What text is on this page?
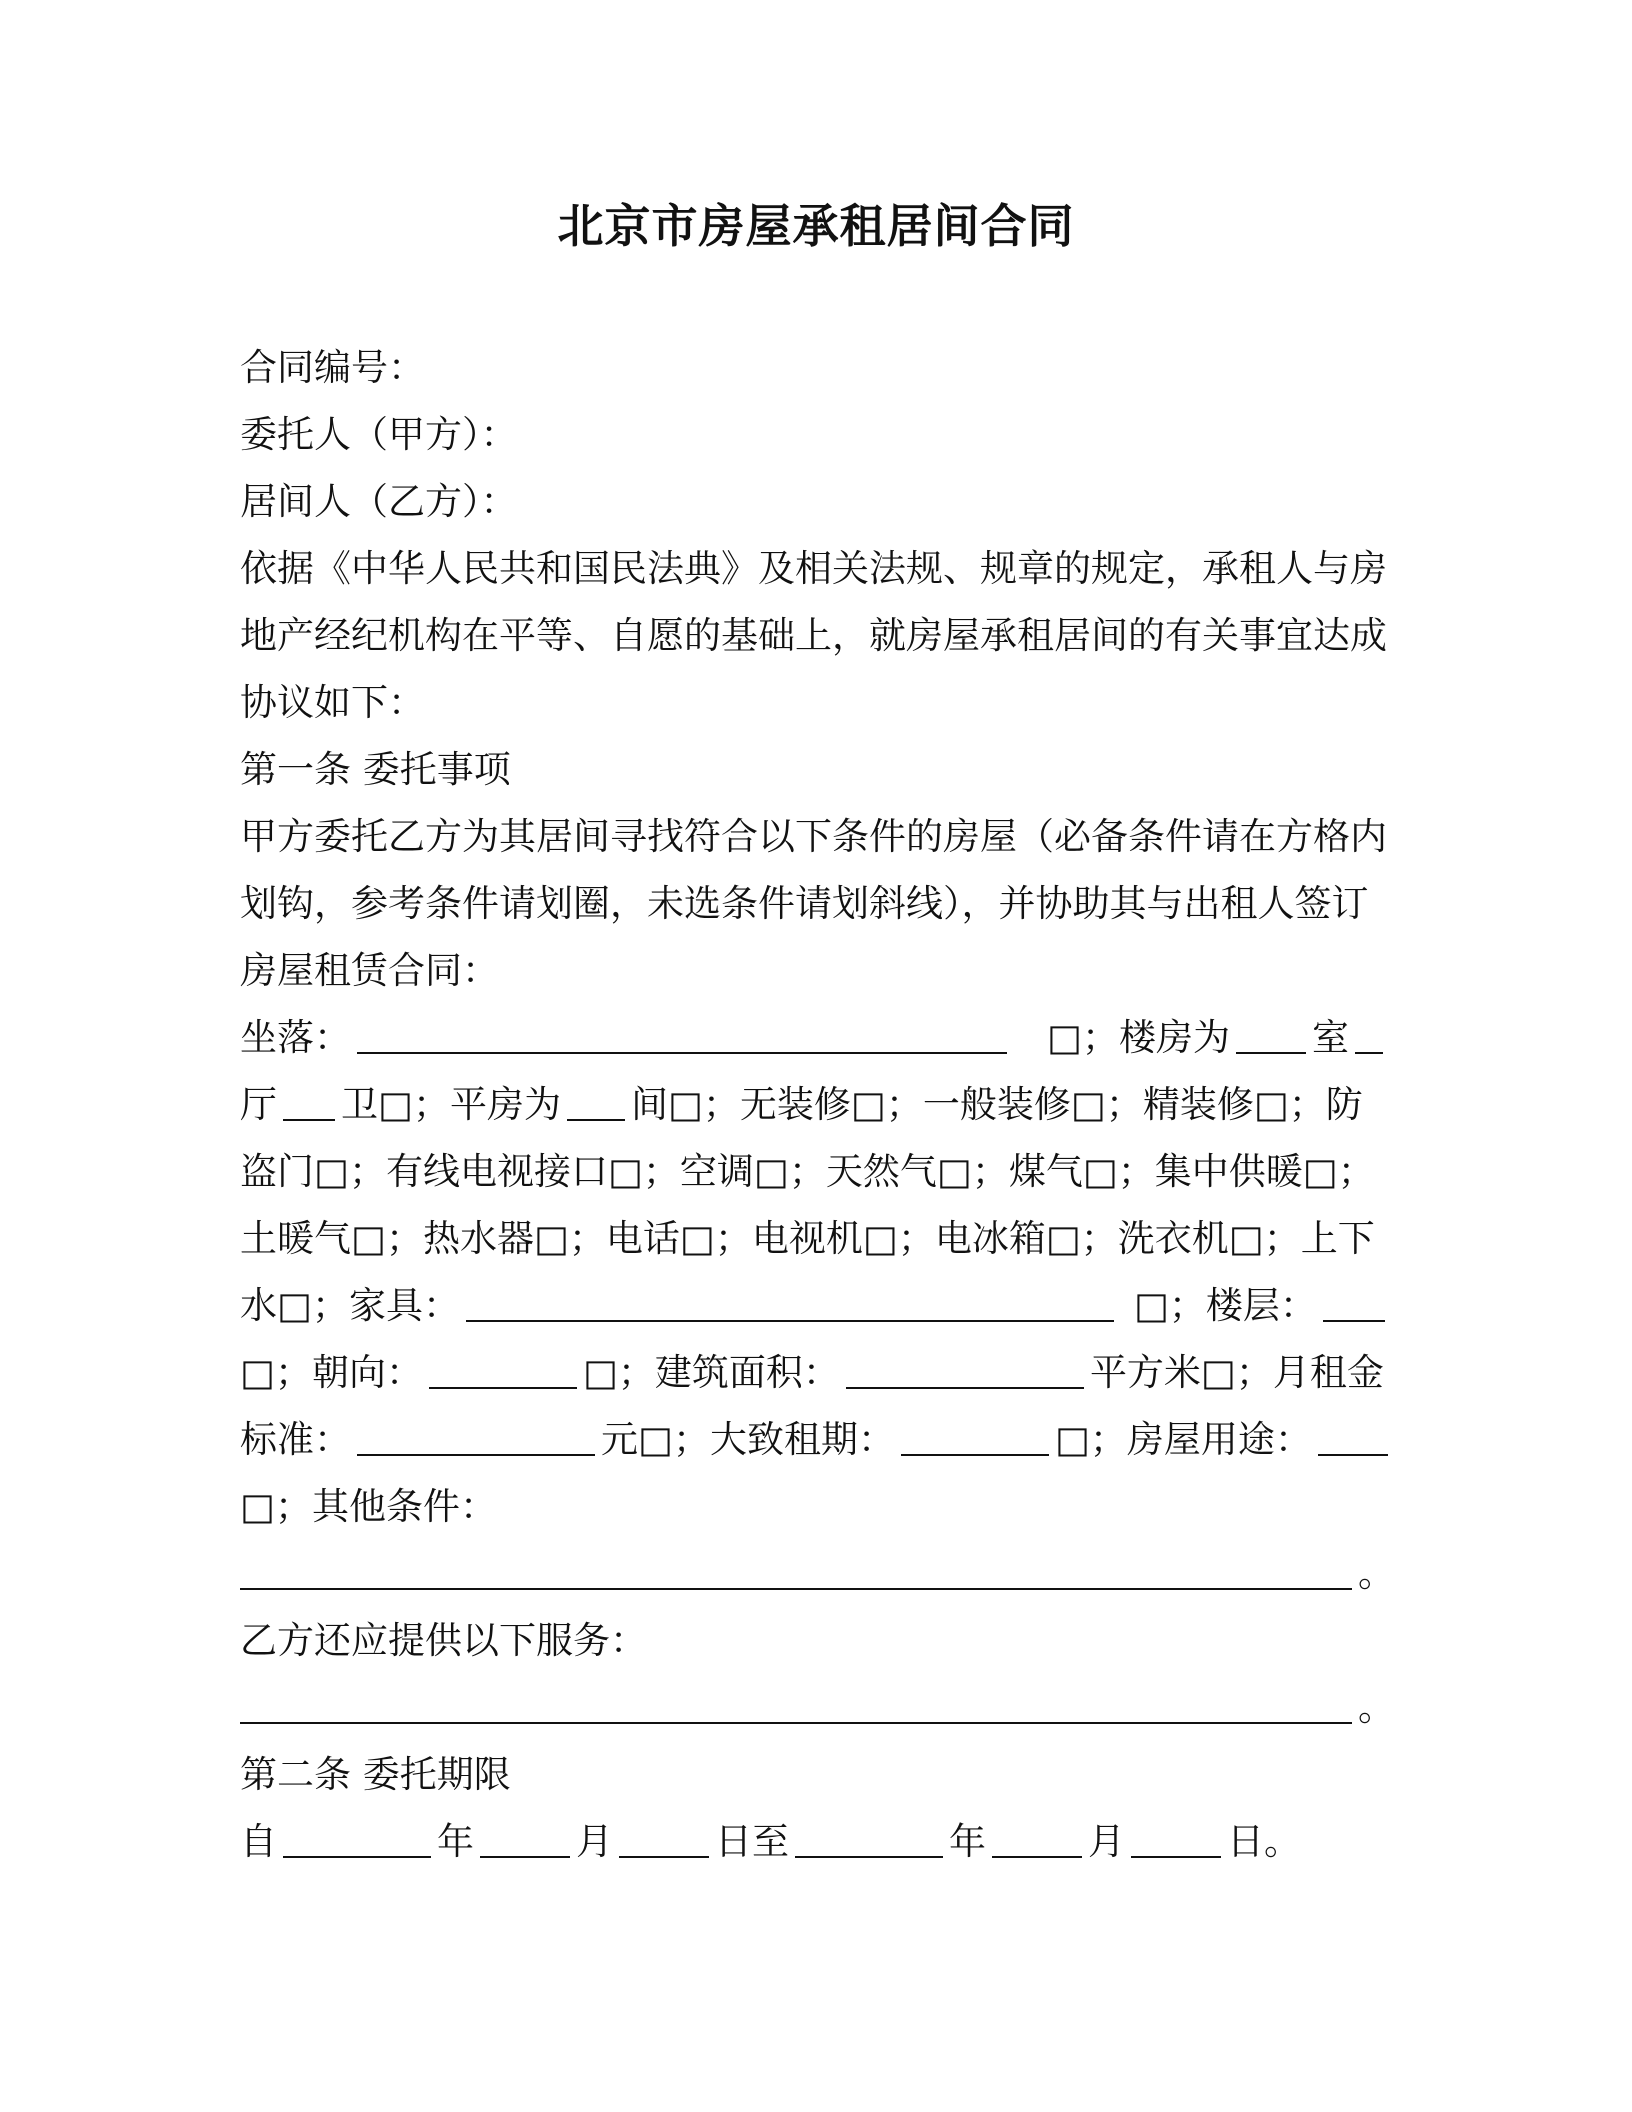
北京市房屋承租居间合同
合同编号：
委托人（甲方）：
居间人（乙方）：
依据《中华人民共和国民法典》及相关法规、规章的规定，承租人与房
地产经纪机构在平等、自愿的基础上，就房屋承租居间的有关事宜达成
协议如下：
第一条 委托事项
甲方委托乙方为其居间寻找符合以下条件的房屋（必备条件请在方格内
划钩，参考条件请划圈，未选条件请划斜线），并协助其与出租人签订
房屋租赁合同：
坐落：	□；楼房为 室
厅 卫□；平房为 间□；无装修□；一般装修□；精装修□；防
盗门□；有线电视接口□；空调□；天然气□；煤气□；集中供暖□；
土暖气□；热水器□；电话□；电视机□；电冰箱□；洗衣机□；上下
水□；家具：	□；楼层：
□；朝向：	□；建筑面积：	平方米□；月租金
标准：	元□；大致租期：	□；房屋用途：
□；其他条件：
。
乙方还应提供以下服务：
。
第二条 委托期限
自	年	月	日至	年	月	日。
